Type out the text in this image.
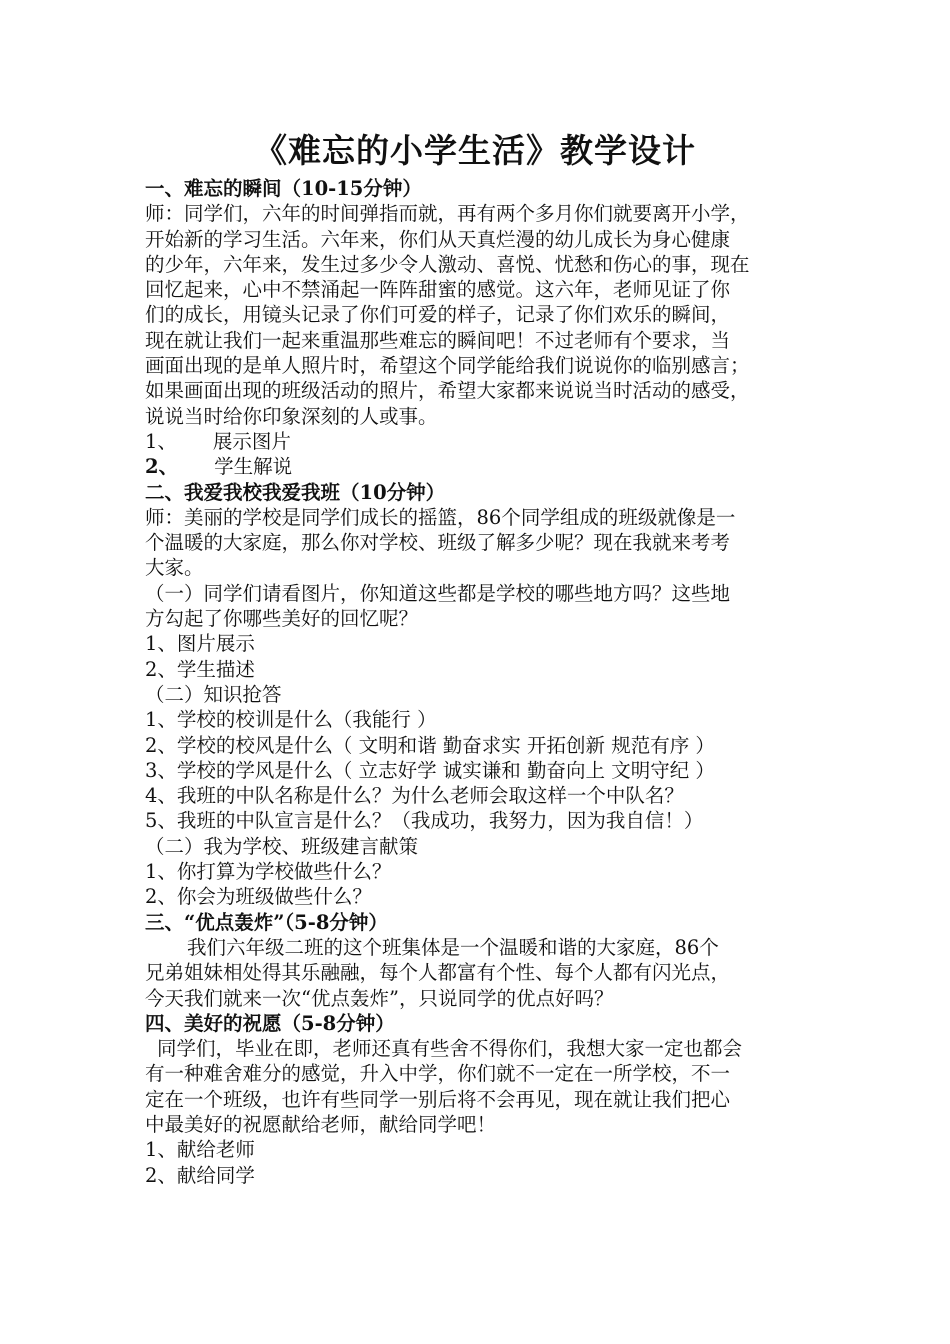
《难忘的小学生活》教学设计
一、难忘的瞬间（10-15分钟）
师：同学们，六年的时间弹指而就，再有两个多月你们就要离开小学，
开始新的学习生活。六年来，你们从天真烂漫的幼儿成长为身心健康
的少年，六年来，发生过多少令人激动、喜悦、忧愁和伤心的事，现在
回忆起来，心中不禁涌起一阵阵甜蜜的感觉。这六年，老师见证了你
们的成长，用镜头记录了你们可爱的样子，记录了你们欢乐的瞬间，
现在就让我们一起来重温那些难忘的瞬间吧！不过老师有个要求，当
画面出现的是单人照片时，希望这个同学能给我们说说你的临别感言；
如果画面出现的班级活动的照片，希望大家都来说说当时活动的感受，
说说当时给你印象深刻的人或事。
1、 展示图片
2、 学生解说
二、我爱我校我爱我班（10分钟）
师：美丽的学校是同学们成长的摇篮，86个同学组成的班级就像是一
个温暖的大家庭，那么你对学校、班级了解多少呢？现在我就来考考
大家。
（一）同学们请看图片，你知道这些都是学校的哪些地方吗？这些地
方勾起了你哪些美好的回忆呢？
1、图片展示
2、学生描述
（二）知识抢答
1、学校的校训是什么（我能行 ）
2、学校的校风是什么（ 文明和谐 勤奋求实 开拓创新 规范有序 ）
3、学校的学风是什么（ 立志好学 诚实谦和 勤奋向上 文明守纪 ）
4、我班的中队名称是什么？为什么老师会取这样一个中队名？
5、我班的中队宣言是什么？（我成功，我努力，因为我自信！）
（二）我为学校、班级建言献策
1、你打算为学校做些什么？
2、你会为班级做些什么？
三、“优点轰炸”（5-8分钟）
我们六年级二班的这个班集体是一个温暖和谐的大家庭，86个
兄弟姐妹相处得其乐融融，每个人都富有个性、每个人都有闪光点，
今天我们就来一次“优点轰炸”，只说同学的优点好吗？
四、美好的祝愿（5-8分钟）
同学们，毕业在即，老师还真有些舍不得你们，我想大家一定也都会
有一种难舍难分的感觉，升入中学，你们就不一定在一所学校，不一
定在一个班级，也许有些同学一别后将不会再见，现在就让我们把心
中最美好的祝愿献给老师，献给同学吧！
1、献给老师
2、献给同学
